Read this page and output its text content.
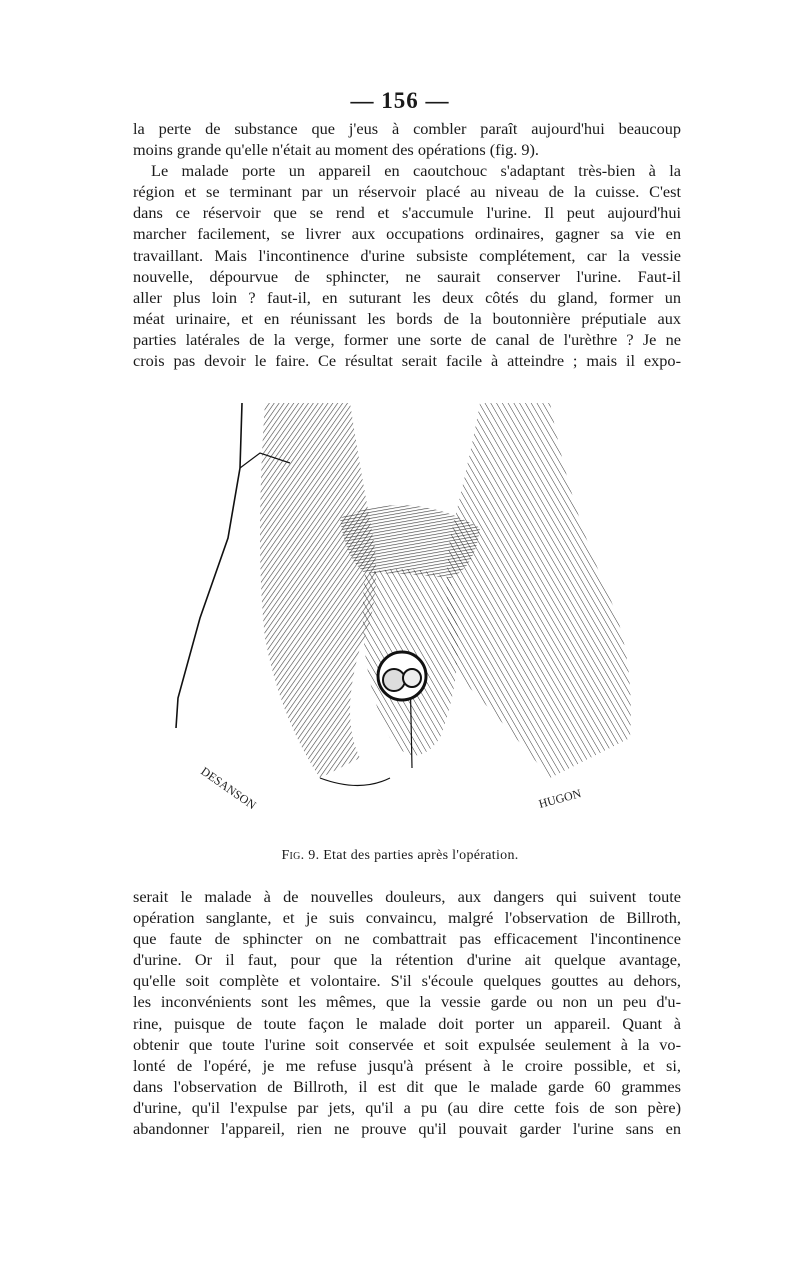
— 156 —
la perte de substance que j'eus à combler paraît aujourd'hui beaucoup
moins grande qu'elle n'était au moment des opérations (fig. 9).
Le malade porte un appareil en caoutchouc s'adaptant très-bien à la
région et se terminant par un réservoir placé au niveau de la cuisse. C'est
dans ce réservoir que se rend et s'accumule l'urine. Il peut aujourd'hui
marcher facilement, se livrer aux occupations ordinaires, gagner sa vie en
travaillant. Mais l'incontinence d'urine subsiste complétement, car la vessie
nouvelle, dépourvue de sphincter, ne saurait conserver l'urine. Faut-il
aller plus loin ? faut-il, en suturant les deux côtés du gland, former un
méat urinaire, et en réunissant les bords de la boutonnière préputiale aux
parties latérales de la verge, former une sorte de canal de l'urèthre ? Je ne
crois pas devoir le faire. Ce résultat serait facile à atteindre ; mais il expo-
DESANSON	HUGON
Fig. 9. Etat des parties après l'opération.
serait le malade à de nouvelles douleurs, aux dangers qui suivent toute
opération sanglante, et je suis convaincu, malgré l'observation de Billroth,
que faute de sphincter on ne combattrait pas efficacement l'incontinence
d'urine. Or il faut, pour que la rétention d'urine ait quelque avantage,
qu'elle soit complète et volontaire. S'il s'écoule quelques gouttes au dehors,
les inconvénients sont les mêmes, que la vessie garde ou non un peu d'u-
rine, puisque de toute façon le malade doit porter un appareil. Quant à
obtenir que toute l'urine soit conservée et soit expulsée seulement à la vo-
lonté de l'opéré, je me refuse jusqu'à présent à le croire possible, et si,
dans l'observation de Billroth, il est dit que le malade garde 60 grammes
d'urine, qu'il l'expulse par jets, qu'il a pu (au dire cette fois de son père)
abandonner l'appareil, rien ne prouve qu'il pouvait garder l'urine sans en
